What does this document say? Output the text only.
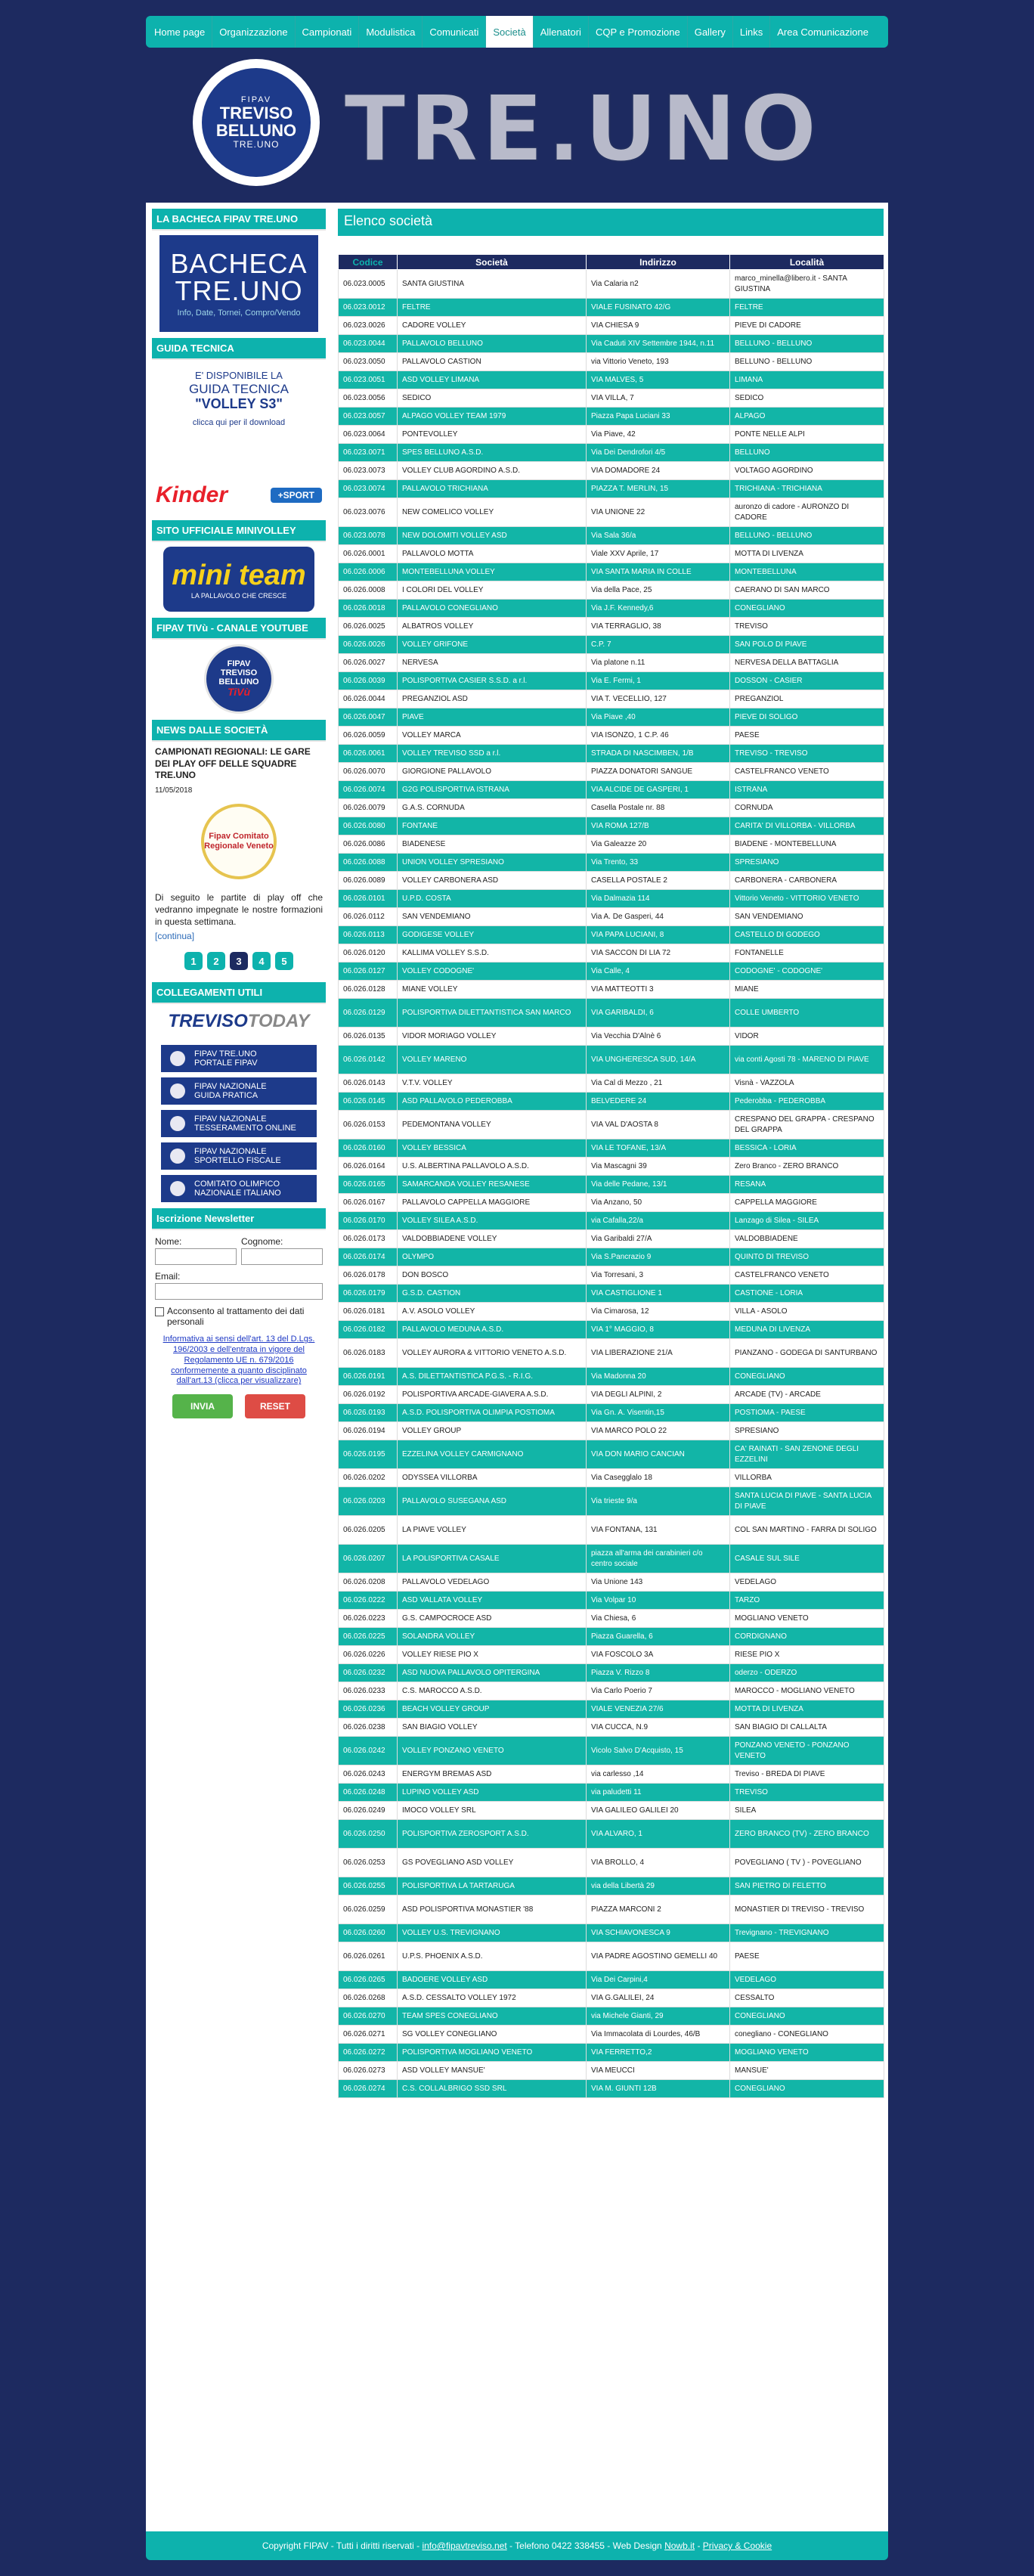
Home page	Organizzazione	Campionati	Modulistica	Comunicati	Società	Allenatori	CQP e Promozione	Gallery	Links	Area Comunicazione
FIPAV
TREVISO
BELLUNO
TRE.UNO TRE.UNO
LA BACHECA FIPAV TRE.UNO
BACHECA
TRE.UNO
Info, Date, Tornei, Compro/Vendo
GUIDA TECNICA
E' DISPONIBILE LA
GUIDA TECNICA
"VOLLEY S3"
clicca qui per il download
Kinder	+SPORT
SITO UFFICIALE MINIVOLLEY
mini team
LA PALLAVOLO CHE CRESCE
FIPAV TIVù - CANALE YOUTUBE
FIPAV
TREVISO
BELLUNO
TiVù
NEWS DALLE SOCIETÀ
CAMPIONATI REGIONALI: LE GARE DEI PLAY OFF DELLE SQUADRE TRE.UNO
11/05/2018
Fipav Comitato Regionale Veneto
Di seguito le partite di play off che vedranno impegnate le nostre formazioni in questa settimana.
[continua]
1	2	3	4	5
COLLEGAMENTI UTILI
TREVISO TODAY
FIPAV TRE.UNO
PORTALE FIPAV
FIPAV NAZIONALE
GUIDA PRATICA
FIPAV NAZIONALE
TESSERAMENTO ONLINE
FIPAV NAZIONALE
SPORTELLO FISCALE
COMITATO OLIMPICO
NAZIONALE ITALIANO
Iscrizione Newsletter
Nome:	Cognome:
Email:
Acconsento al trattamento dei dati personali
Informativa ai sensi dell'art. 13 del D.Lgs. 196/2003 e dell'entrata in vigore del Regolamento UE n. 679/2016 conformemente a quanto disciplinato dall'art.13 (clicca per visualizzare)
INVIA	RESET
Elenco società
Codice	Società	Indirizzo	Località
06.023.0005	SANTA GIUSTINA	Via Calaria n2	marco_minella@libero.it - SANTA GIUSTINA
06.023.0012	FELTRE	VIALE FUSINATO 42/G	FELTRE
06.023.0026	CADORE VOLLEY	VIA CHIESA 9	PIEVE DI CADORE
06.023.0044	PALLAVOLO BELLUNO	Via Caduti XIV Settembre 1944, n.11	BELLUNO - BELLUNO
06.023.0050	PALLAVOLO CASTION	via Vittorio Veneto, 193	BELLUNO - BELLUNO
06.023.0051	ASD VOLLEY LIMANA	VIA MALVES, 5	LIMANA
06.023.0056	SEDICO	VIA VILLA, 7	SEDICO
06.023.0057	ALPAGO VOLLEY TEAM 1979	Piazza Papa Luciani 33	ALPAGO
06.023.0064	PONTEVOLLEY	Via Piave, 42	PONTE NELLE ALPI
06.023.0071	SPES BELLUNO A.S.D.	Via Dei Dendrofori 4/5	BELLUNO
06.023.0073	VOLLEY CLUB AGORDINO A.S.D.	VIA DOMADORE 24	VOLTAGO AGORDINO
06.023.0074	PALLAVOLO TRICHIANA	PIAZZA T. MERLIN, 15	TRICHIANA - TRICHIANA
06.023.0076	NEW COMELICO VOLLEY	VIA UNIONE 22	auronzo di cadore - AURONZO DI CADORE
06.023.0078	NEW DOLOMITI VOLLEY ASD	Via Sala 36/a	BELLUNO - BELLUNO
06.026.0001	PALLAVOLO MOTTA	Viale XXV Aprile, 17	MOTTA DI LIVENZA
06.026.0006	MONTEBELLUNA VOLLEY	VIA SANTA MARIA IN COLLE	MONTEBELLUNA
06.026.0008	I COLORI DEL VOLLEY	Via della Pace, 25	CAERANO DI SAN MARCO
06.026.0018	PALLAVOLO CONEGLIANO	Via J.F. Kennedy,6	CONEGLIANO
06.026.0025	ALBATROS VOLLEY	VIA TERRAGLIO, 38	TREVISO
06.026.0026	VOLLEY GRIFONE	C.P. 7	SAN POLO DI PIAVE
06.026.0027	NERVESA	Via platone n.11	NERVESA DELLA BATTAGLIA
06.026.0039	POLISPORTIVA CASIER S.S.D. a r.l.	Via E. Fermi, 1	DOSSON - CASIER
06.026.0044	PREGANZIOL ASD	VIA T. VECELLIO, 127	PREGANZIOL
06.026.0047	PIAVE	Via Piave ,40	PIEVE DI SOLIGO
06.026.0059	VOLLEY MARCA	VIA ISONZO, 1 C.P. 46	PAESE
06.026.0061	VOLLEY TREVISO SSD a r.l.	STRADA DI NASCIMBEN, 1/B	TREVISO - TREVISO
06.026.0070	GIORGIONE PALLAVOLO	PIAZZA DONATORI SANGUE	CASTELFRANCO VENETO
06.026.0074	G2G POLISPORTIVA ISTRANA	VIA ALCIDE DE GASPERI, 1	ISTRANA
06.026.0079	G.A.S. CORNUDA	Casella Postale nr. 88	CORNUDA
06.026.0080	FONTANE	VIA ROMA 127/B	CARITA' DI VILLORBA - VILLORBA
06.026.0086	BIADENESE	Via Galeazze 20	BIADENE - MONTEBELLUNA
06.026.0088	UNION VOLLEY SPRESIANO	Via Trento, 33	SPRESIANO
06.026.0089	VOLLEY CARBONERA ASD	CASELLA POSTALE 2	CARBONERA - CARBONERA
06.026.0101	U.P.D. COSTA	Via Dalmazia 114	Vittorio Veneto - VITTORIO VENETO
06.026.0112	SAN VENDEMIANO	Via A. De Gasperi, 44	SAN VENDEMIANO
06.026.0113	GODIGESE VOLLEY	VIA PAPA LUCIANI, 8	CASTELLO DI GODEGO
06.026.0120	KALLIMA VOLLEY S.S.D.	VIA SACCON DI LIA 72	FONTANELLE
06.026.0127	VOLLEY CODOGNE'	Via Calle, 4	CODOGNE' - CODOGNE'
06.026.0128	MIANE VOLLEY	VIA MATTEOTTI 3	MIANE
06.026.0129	POLISPORTIVA DILETTANTISTICA SAN MARCO	VIA GARIBALDI, 6	COLLE UMBERTO
06.026.0135	VIDOR MORIAGO VOLLEY	Via Vecchia D'Alnè 6	VIDOR
06.026.0142	VOLLEY MARENO	VIA UNGHERESCA SUD, 14/A	via conti Agosti 78 - MARENO DI PIAVE
06.026.0143	V.T.V. VOLLEY	Via Cal di Mezzo , 21	Visnà - VAZZOLA
06.026.0145	ASD PALLAVOLO PEDEROBBA	BELVEDERE 24	Pederobba - PEDEROBBA
06.026.0153	PEDEMONTANA VOLLEY	VIA VAL D'AOSTA 8	CRESPANO DEL GRAPPA - CRESPANO DEL GRAPPA
06.026.0160	VOLLEY BESSICA	VIA LE TOFANE, 13/A	BESSICA - LORIA
06.026.0164	U.S. ALBERTINA PALLAVOLO A.S.D.	Via Mascagni 39	Zero Branco - ZERO BRANCO
06.026.0165	SAMARCANDA VOLLEY RESANESE	Via delle Pedane, 13/1	RESANA
06.026.0167	PALLAVOLO CAPPELLA MAGGIORE	Via Anzano, 50	CAPPELLA MAGGIORE
06.026.0170	VOLLEY SILEA A.S.D.	via Cafalla,22/a	Lanzago di Silea - SILEA
06.026.0173	VALDOBBIADENE VOLLEY	Via Garibaldi 27/A	VALDOBBIADENE
06.026.0174	OLYMPO	Via S.Pancrazio 9	QUINTO DI TREVISO
06.026.0178	DON BOSCO	Via Torresani, 3	CASTELFRANCO VENETO
06.026.0179	G.S.D. CASTION	VIA CASTIGLIONE 1	CASTIONE - LORIA
06.026.0181	A.V. ASOLO VOLLEY	Via Cimarosa, 12	VILLA - ASOLO
06.026.0182	PALLAVOLO MEDUNA A.S.D.	VIA 1° MAGGIO, 8	MEDUNA DI LIVENZA
06.026.0183	VOLLEY AURORA & VITTORIO VENETO A.S.D.	VIA LIBERAZIONE 21/A	PIANZANO - GODEGA DI SANTURBANO
06.026.0191	A.S. DILETTANTISTICA P.G.S. - R.I.G.	Via Madonna 20	CONEGLIANO
06.026.0192	POLISPORTIVA ARCADE-GIAVERA A.S.D.	VIA DEGLI ALPINI, 2	ARCADE (TV) - ARCADE
06.026.0193	A.S.D. POLISPORTIVA OLIMPIA POSTIOMA	Via Gn. A. Visentin,15	POSTIOMA - PAESE
06.026.0194	VOLLEY GROUP	VIA MARCO POLO 22	SPRESIANO
06.026.0195	EZZELINA VOLLEY CARMIGNANO	VIA DON MARIO CANCIAN	CA' RAINATI - SAN ZENONE DEGLI EZZELINI
06.026.0202	ODYSSEA VILLORBA	Via Casegglalo 18	VILLORBA
06.026.0203	PALLAVOLO SUSEGANA ASD	Via trieste 9/a	SANTA LUCIA DI PIAVE - SANTA LUCIA DI PIAVE
06.026.0205	LA PIAVE VOLLEY	VIA FONTANA, 131	COL SAN MARTINO - FARRA DI SOLIGO
06.026.0207	LA POLISPORTIVA CASALE	piazza all'arma dei carabinieri c/o centro sociale	CASALE SUL SILE
06.026.0208	PALLAVOLO VEDELAGO	Via Unione 143	VEDELAGO
06.026.0222	ASD VALLATA VOLLEY	Via Volpar 10	TARZO
06.026.0223	G.S. CAMPOCROCE ASD	Via Chiesa, 6	MOGLIANO VENETO
06.026.0225	SOLANDRA VOLLEY	Piazza Guarella, 6	CORDIGNANO
06.026.0226	VOLLEY RIESE PIO X	VIA FOSCOLO 3A	RIESE PIO X
06.026.0232	ASD NUOVA PALLAVOLO OPITERGINA	Piazza V. Rizzo 8	oderzo - ODERZO
06.026.0233	C.S. MAROCCO A.S.D.	Via Carlo Poerio 7	MAROCCO - MOGLIANO VENETO
06.026.0236	BEACH VOLLEY GROUP	VIALE VENEZIA 27/6	MOTTA DI LIVENZA
06.026.0238	SAN BIAGIO VOLLEY	VIA CUCCA, N.9	SAN BIAGIO DI CALLALTA
06.026.0242	VOLLEY PONZANO VENETO	Vicolo Salvo D'Acquisto, 15	PONZANO VENETO - PONZANO VENETO
06.026.0243	ENERGYM BREMAS ASD	via carlesso ,14	Treviso - BREDA DI PIAVE
06.026.0248	LUPINO VOLLEY ASD	via paludetti 11	TREVISO
06.026.0249	IMOCO VOLLEY SRL	VIA GALILEO GALILEI 20	SILEA
06.026.0250	POLISPORTIVA ZEROSPORT A.S.D.	VIA ALVARO, 1	ZERO BRANCO (TV) - ZERO BRANCO
06.026.0253	GS POVEGLIANO ASD VOLLEY	VIA BROLLO, 4	POVEGLIANO ( TV ) - POVEGLIANO
06.026.0255	POLISPORTIVA LA TARTARUGA	via della Libertà 29	SAN PIETRO DI FELETTO
06.026.0259	ASD POLISPORTIVA MONASTIER '88	PIAZZA MARCONI 2	MONASTIER DI TREVISO - TREVISO
06.026.0260	VOLLEY U.S. TREVIGNANO	VIA SCHIAVONESCA 9	Trevignano - TREVIGNANO
06.026.0261	U.P.S. PHOENIX A.S.D.	VIA PADRE AGOSTINO GEMELLI 40	PAESE
06.026.0265	BADOERE VOLLEY ASD	Via Dei Carpini,4	VEDELAGO
06.026.0268	A.S.D. CESSALTO VOLLEY 1972	VIA G.GALILEI, 24	CESSALTO
06.026.0270	TEAM SPES CONEGLIANO	via Michele Gianti, 29	CONEGLIANO
06.026.0271	SG VOLLEY CONEGLIANO	Via Immacolata di Lourdes, 46/B	conegliano - CONEGLIANO
06.026.0272	POLISPORTIVA MOGLIANO VENETO	VIA FERRETTO,2	MOGLIANO VENETO
06.026.0273	ASD VOLLEY MANSUE'	VIA MEUCCI	MANSUE'
06.026.0274	C.S. COLLALBRIGO SSD SRL	VIA M. GIUNTI 12B	CONEGLIANO
Copyright FIPAV - Tutti i diritti riservati -
info@fipavtreviso.net
- Telefono 0422 338455 - Web Design
Nowb.it
-
Privacy & Cookie
